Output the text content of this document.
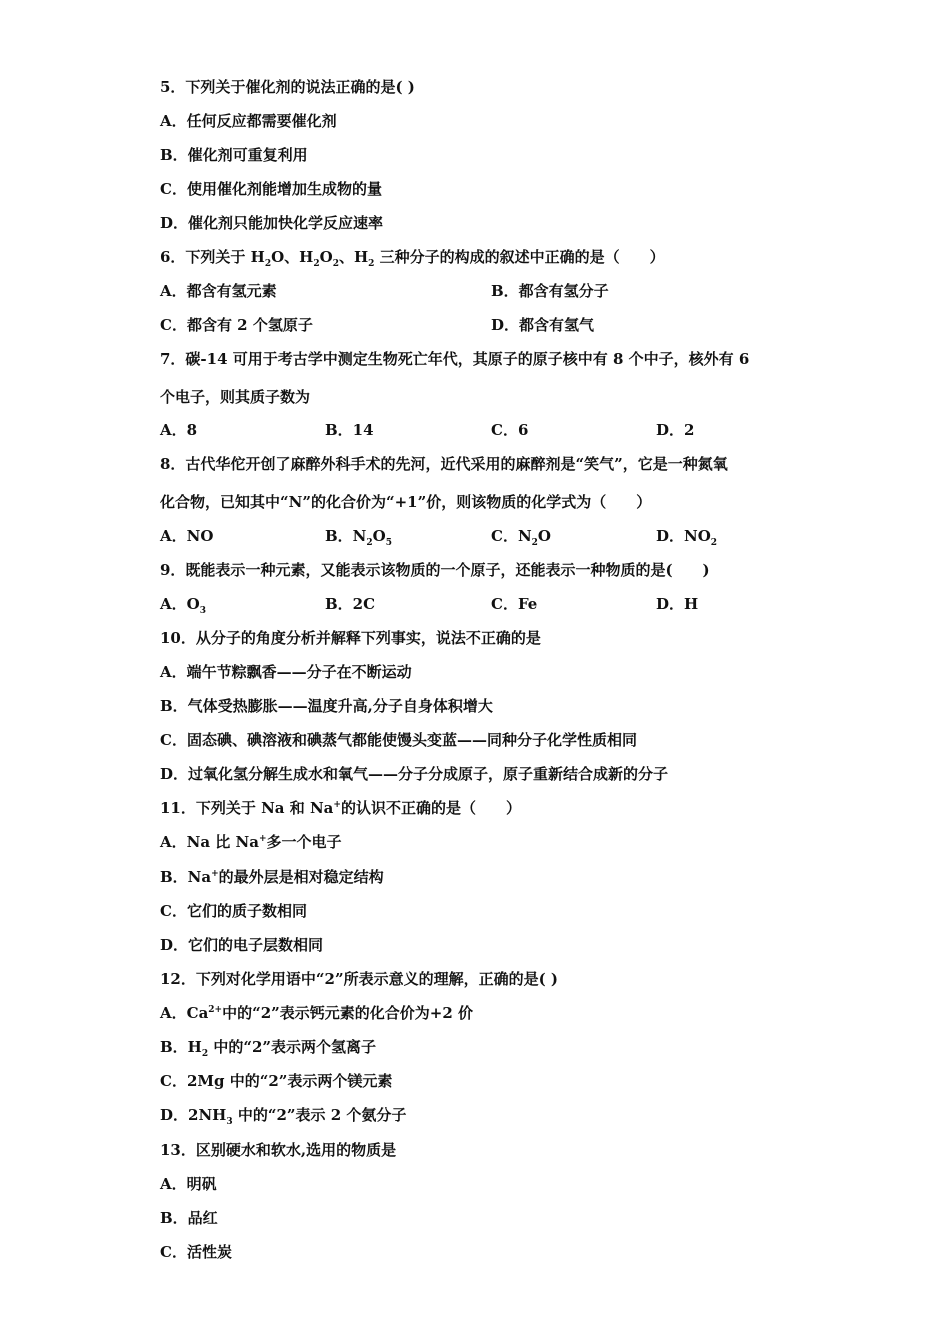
5．下列关于催化剂的说法正确的是( )
A．任何反应都需要催化剂
B．催化剂可重复利用
C．使用催化剂能增加生成物的量
D．催化剂只能加快化学反应速率
6．下列关于 $H_2O$、$H_2O_2$、$H_2$ 三种分子的构成的叙述中正确的是（　　）
A．都含有氢元素	B．都含有氢分子
C．都含有 2 个氢原子	D．都含有氢气
7．碳-14 可用于考古学中测定生物死亡年代，其原子的原子核中有 8 个中子，核外有 6
个电子，则其质子数为
A．8	B．14	C．6	D．2
8．古代华佗开创了麻醉外科手术的先河，近代采用的麻醉剂是“笑气”，它是一种氮氧
化合物，已知其中“N”的化合价为“+1”价，则该物质的化学式为（　　）
A．NO	B．$N_2O_5$	C．$N_2O$	D．$NO_2$
9．既能表示一种元素，又能表示该物质的一个原子，还能表示一种物质的是(　　)
A．$O_3$	B．2C	C．Fe	D．H
10．从分子的角度分析并解释下列事实，说法不正确的是
A．端午节粽飘香——分子在不断运动
B．气体受热膨胀——温度升高,分子自身体积增大
C．固态碘、碘溶液和碘蒸气都能使馒头变蓝——同种分子化学性质相同
D．过氧化氢分解生成水和氧气——分子分成原子，原子重新结合成新的分子
11．下列关于 Na 和 Na+的认识不正确的是（　　）
A．Na 比 Na+多一个电子
B．Na+的最外层是相对稳定结构
C．它们的质子数相同
D．它们的电子层数相同
12．下列对化学用语中“2”所表示意义的理解，正确的是( )
A．$Ca^{2+}$中的“2”表示钙元素的化合价为+2 价
B．$H_2$ 中的“2”表示两个氢离子
C．2Mg 中的“2”表示两个镁元素
D．$2NH_3$ 中的“2”表示 2 个氨分子
13．区别硬水和软水,选用的物质是
A．明矾
B．品红
C．活性炭
